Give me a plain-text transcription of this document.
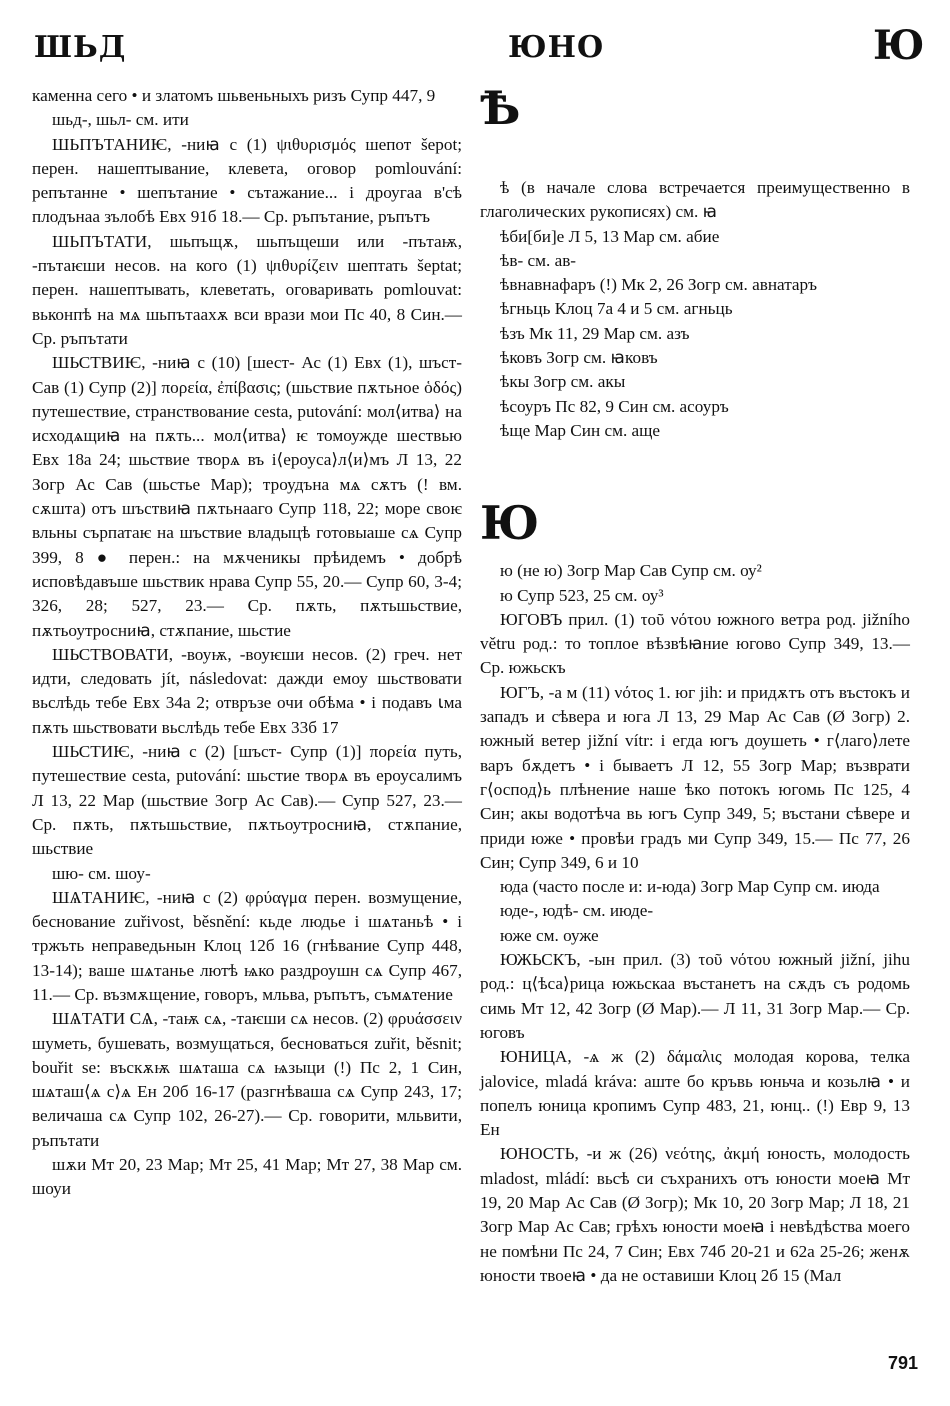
ШЬД	ЮНО	Ю

каменна сего • и златомъ шьвеньныхъ ризъ Супр 447, 9

шьд-, шьл- см. ити

ШЬПЪТАНИѤ, -ниꙗ с (1) ψιθυρισμός шепот šepot; перен. нашептывание, клевета, оговор pomlouvání: репътанне • шепътание • сътажание... і дроугаа в'сѣ плодънаа зълобѣ Евх 91б 18.— Ср. ръпътание, ръпътъ

ШЬПЪТАТИ, шьпъщѫ, шьпъщеши или -пътаѭ, -пътаѥши несов. на кого (1) ψιθυρίζειν шептать šeptat; перен. нашептывать, клеветать, оговаривать pomlouvat: вьконпѣ на мѧ шьпътаахѫ вси врази мои Пс 40, 8 Син.— Ср. ръпътати

ШЬСТВИѤ, -ниꙗ с (10) [шест- Ас (1) Евх (1), шъст- Сав (1) Супр (2)] πορεία, ἐπίβασις; (шьствие пѫтьное ὁδός) путешествие, странствование cesta, putování: мол⟨итва⟩ на исходѧщиꙗ на пѫть... мол⟨итва⟩ ѥ томоуждe шествью Евх 18а 24; шьствие творѧ въ і⟨ероуса⟩л⟨и⟩мъ Л 13, 22 Зогр Ас Сав (шьстье Мар); троудъна мѧ сѫтъ (! вм. сѫшта) отъ шъствиꙗ пѫтьнааго Супр 118, 22; море своѥ вльны сърпатаѥ на шъствие владыцѣ готовыаше сѧ Супр 399, 8 ● перен.: на мѫченикы прѣидемъ • добрѣ исповѣдавъше шьствик нрава Супр 55, 20.— Супр 60, 3-4; 326, 28; 527, 23.— Ср. пѫть, пѫтьшьствие, пѫтьоутросниꙗ, стѫпание, шьстие

ШЬСТВОВАТИ, -воуѭ, -воуѥши несов. (2) греч. нет идти, следовать jít, následovat: дажди емоу шьствовати вьслѣдь тебе Евх 34а 2; отвръзе очи обѣма • і подавъ ꙇма пѫть шьствовати вьслѣдь тебе Евх 33б 17

ШЬСТИѤ, -ниꙗ с (2) [шъст- Супр (1)] πορεία путь, путешествие cesta, putování: шьстие творѧ въ ероусалимъ Л 13, 22 Мар (шьствие Зогр Ас Сав).— Супр 527, 23.— Ср. пѫть, пѫтьшьствие, пѫтьоутросниꙗ, стѫпание, шьствие

шю- см. шоу-

ШѦТАНИѤ, -ниꙗ с (2) φρύαγμα перен. возмущение, беснование zuřivost, běsnění: кьде людье і шѧтаньѣ • і тржъть неправедьнын Клоц 12б 16 (гнѣвание Супр 448, 13-14); ваше шѧтанье лютѣ ѩко раздроушн сѧ Супр 467, 11.— Ср. възмѫщение, говоръ, мльва, ръпътъ, съмѧтение

ШѦТАТИ СѦ, -таѭ сѧ, -таѥши сѧ несов. (2) φρυάσσειν шуметь, бушевать, возмущаться, бесноваться zuřit, běsnit; bouřit se: въскѫѭ шѧташа сѧ ѩзыци (!) Пс 2, 1 Син, шѧташ⟨ѧ с⟩ѧ Ен 20б 16-17 (разгнѣваша сѧ Супр 243, 17; величаша сѧ Супр 102, 26-27).— Ср. говорити, мльвити, ръпътати

шѫи Мт 20, 23 Мар; Мт 25, 41 Мар; Мт 27, 38 Мар см. шоуи

Ѣ

ѣ (в начале слова встречается преимущественно в глаголических рукописях) см. ꙗ

ѣби[би]е Л 5, 13 Мар см. абие

ѣв- см. ав-

ѣвнавнафаръ (!) Мк 2, 26 Зогр см. авнатаръ

ѣгньць Клоц 7а 4 и 5 см. агньць

ѣзъ Мк 11, 29 Мар см. азъ

ѣковъ Зогр см. ꙗковъ

ѣкы Зогр см. акы

ѣсоуръ Пс 82, 9 Син см. асоуръ

ѣще Мар Син см. аще

Ю

ю (не ю) Зогр Мар Сав Супр см. оу²

ю Супр 523, 25 см. оу³

ЮГОВЪ прил. (1) τοῦ νότου южного ветра род. jižního větru род.: то топлое вѣзвѣꙗние югово Супр 349, 13.— Ср. южьскъ

ЮГЪ, -а м (11) νότος 1. юг jih: и придѫтъ отъ въстокъ и западъ и сѣвера и юга Л 13, 29 Мар Ас Сав (Ø Зогр) 2. южный ветер jižní vítr: і егда югъ доушеть • г⟨лаго⟩лете варъ бѫдетъ • і бываетъ Л 12, 55 Зогр Мар; възврати г⟨оспод⟩ь плѣнение наше ѣко потокъ югомь Пс 125, 4 Син; акы водотѣча вь югъ Супр 349, 5; въстани сѣвере и приди юже • провѣи градъ ми Супр 349, 15.— Пс 77, 26 Син; Супр 349, 6 и 10

юда (часто после и: и-юда) Зогр Мар Супр см. июда

юде-, юдѣ- см. июде-

юже см. оуже

ЮЖЬСКЪ, -ын прил. (3) τοῦ νότου южный jižní, jihu род.: ц⟨ѣса⟩рица южьскаа въстанетъ на сѫдъ съ родомь симь Мт 12, 42 Зогр (Ø Мар).— Л 11, 31 Зогр Мар.— Ср. юговъ

ЮНИЦА, -ѧ ж (2) δάμαλις молодая корова, телка jalovice, mladá kráva: аште бо кръвь юньча и козьлꙗ • и попелъ юница кропимъ Супр 483, 21, юнц.. (!) Евр 9, 13 Ен

ЮНОСТЬ, -и ж (26) νεότης, ἀκμή юность, молодость mladost, mládí: вьсѣ си съхранихъ отъ юности моеꙗ Мт 19, 20 Мар Ас Сав (Ø Зогр); Мк 10, 20 Зогр Мар; Л 18, 21 Зогр Мар Ас Сав; грѣхъ юности моеꙗ і невѣдѣства моего не помѣни Пс 24, 7 Син; Евх 74б 20-21 и 62а 25-26; женѫ юности твоеꙗ • да не оставиши Клоц 2б 15 (Мал

791
